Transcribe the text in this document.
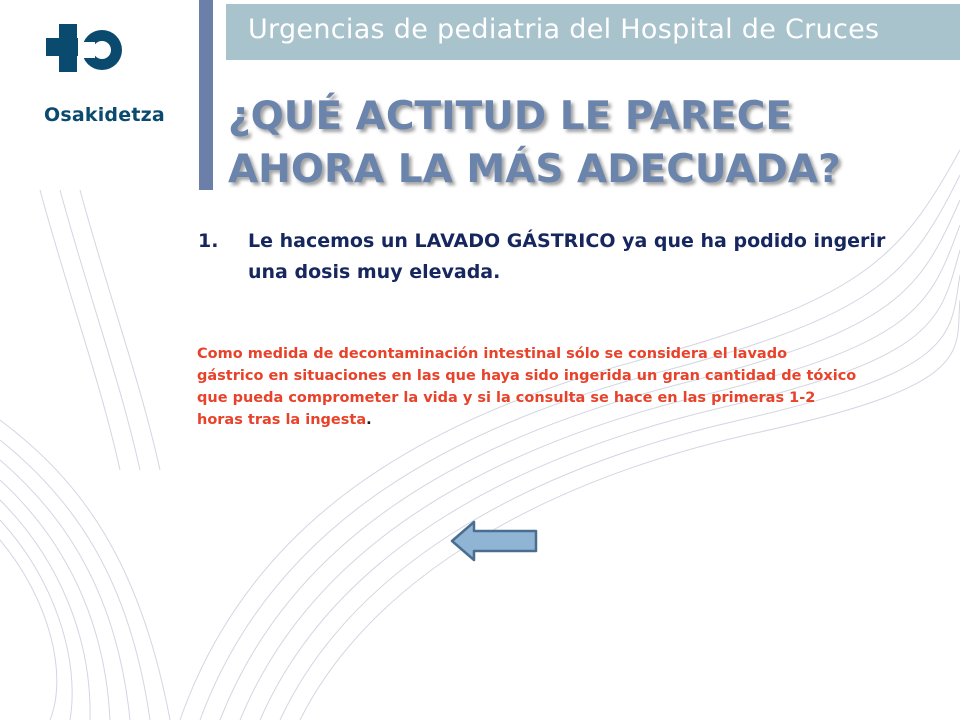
Osakidetza
Urgencias de pediatria del Hospital de Cruces
¿QUÉ ACTITUD LE PARECE
AHORA LA MÁS ADECUADA?
1. Le hacemos un LAVADO GÁSTRICO ya que ha podido ingerir una dosis muy elevada.
Como medida de decontaminación intestinal sólo se considera el lavado gástrico en situaciones en las que haya sido ingerida un gran cantidad de tóxico que pueda comprometer la vida y si la consulta se hace en las primeras 1-2 horas tras la ingesta.
